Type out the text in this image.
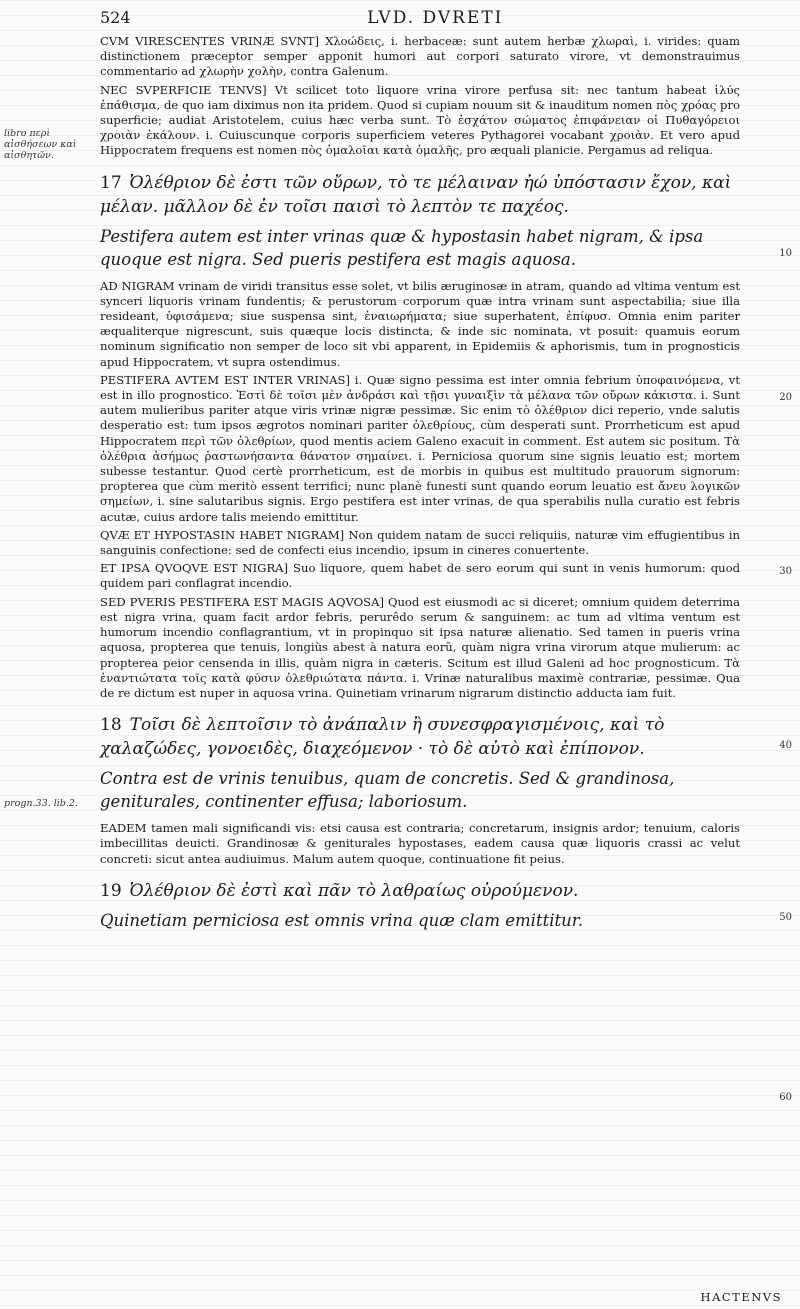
libro περὶ αἰσθήσεων καὶ αἰσθητῶν.
progn.33. lib.2.
10
20
30
40
50
60
524	LVD. DVRETI

CVM VIRESCENTES VRINÆ SVNT] Χλοώδεις, i. herbaceæ: sunt autem herbæ χλωραὶ, i. virides: quam distinctionem præceptor semper apponit humori aut corpori saturato virore, vt demonstrauimus commentario ad χλωρὴν χολὴν, contra Galenum.

NEC SVPERFICIE TENVS] Vt scilicet toto liquore vrina virore perfusa sit: nec tantum habeat ἰλύς ἐπάθισμα, de quo iam diximus non ita pridem. Quod si cupiam nouum sit & inauditum nomen πὸς χρόας pro superficie; audiat Aristotelem, cuius hæc verba sunt. Τὸ ἐσχάτον σώματος ἐπιφάνειαν οἱ Πυθαγόρειοι χροιὰν ἐκάλουν. i. Cuiuscunque corporis superficiem veteres Pythagorei vocabant χροιὰν. Et vero apud Hippocratem frequens est nomen πὸς ὁμαλοῖαι κατὰ ὁμαλῆς, pro æquali planicie. Pergamus ad reliqua.

17 Ὀλέθριον δὲ ἐστι τῶν οὔρων, τὸ τε μέλαιναν ἠώ ὑπόστασιν ἔχον, καὶ μέλαν. μᾶλλον δὲ ἐν τοῖσι παισὶ τὸ λεπτὸν τε παχέος.
Pestifera autem est inter vrinas quæ & hypostasin habet nigram, & ipsa quoque est nigra. Sed pueris pestifera est magis aquosa.

AD NIGRAM vrinam de viridi transitus esse solet, vt bilis æruginosæ in atram, quando ad vltima ventum est synceri liquoris vrinam fundentis; & perustorum corporum quæ intra vrinam sunt aspectabilia; siue illa resideant, ὑφισάμενα; siue suspensa sint, ἐναιωρήματα; siue superhatent, ἐπίφυσ. Omnia enim pariter æqualiterque nigrescunt, suis quæque locis distincta, & inde sic nominata, vt posuit: quamuis eorum nominum significatio non semper de loco sit vbi apparent, in Epidemiis & aphorismis, tum in prognosticis apud Hippocratem, vt supra ostendimus.

PESTIFERA AVTEM EST INTER VRINAS] i. Quæ signo pessima est inter omnia febrium ὑποφαινόμενα, vt est in illo prognostico. Ἐστὶ δὲ τοῖσι μὲν ἀνδράσι καὶ τῇσι γυναιξὶν τὰ μέλανα τῶν οὔρων κάκιστα. i. Sunt autem mulieribus pariter atque viris vrinæ nigræ pessimæ. Sic enim τὸ ὀλέθριον dici reperio, vnde salutis desperatio est: tum ipsos ægrotos nominari pariter ὀλεθρίους, cùm desperati sunt. Prorrheticum est apud Hippocratem περὶ τῶν ὀλεθρίων, quod mentis aciem Galeno exacuit in comment. Est autem sic positum. Τὰ ὀλέθρια ἀσήμως ῥαστωνήσαντα θάνατον σημαίνει. i. Perniciosa quorum sine signis leuatio est; mortem subesse testantur. Quod certè prorrheticum, est de morbis in quibus est multitudo prauorum signorum: propterea que cùm meritò essent terrifici; nunc planè funesti sunt quando eorum leuatio est ἄνευ λογικῶν σημείων, i. sine salutaribus signis. Ergo pestifera est inter vrinas, de qua sperabilis nulla curatio est febris acutæ, cuius ardore talis meiendo emittitur.

QVÆ ET HYPOSTASIN HABET NIGRAM] Non quidem natam de succi reliquiis, naturæ vim effugientibus in sanguinis confectione: sed de confecti eius incendio, ipsum in cineres conuertente.

ET IPSA QVOQVE EST NIGRA] Suo liquore, quem habet de sero eorum qui sunt in venis humorum: quod quidem pari conflagrat incendio.

SED PVERIS PESTIFERA EST MAGIS AQVOSA] Quod est eiusmodi ac si diceret; omnium quidem deterrima est nigra vrina, quam facit ardor febris, perurêdo serum & sanguinem: ac tum ad vltima ventum est humorum incendio conflagrantium, vt in propinquo sit ipsa naturæ alienatio. Sed tamen in pueris vrina aquosa, propterea que tenuis, longiùs abest à natura eorũ, quàm nigra vrina virorum atque mulierum: ac propterea peior censenda in illis, quàm nigra in cæteris. Scitum est illud Galeni ad hoc prognosticum. Τὰ ἐναντιώτατα τοῖς κατὰ φύσιν ὀλεθριώτατα πάντα. i. Vrinæ naturalibus maximè contrariæ, pessimæ. Qua de re dictum est nuper in aquosa vrina. Quinetiam vrinarum nigrarum distinctio adducta iam fuit.

18 Τοῖσι δὲ λεπτοῖσιν τὸ ἀνάπαλιν ἢ συνεσφραγισμένοις, καὶ τὸ χαλαζώδες, γονοειδὲς, διαχεόμενον · τὸ δὲ αὐτὸ καὶ ἐπίπονον.
Contra est de vrinis tenuibus, quam de concretis. Sed & grandinosa, geniturales, continenter effusa; laboriosum.

EADEM tamen mali significandi vis: etsi causa est contraria; concretarum, insignis ardor; tenuium, caloris imbecillitas deuicti. Grandinosæ & geniturales hypostases, eadem causa quæ liquoris crassi ac velut concreti: sicut antea audiuimus. Malum autem quoque, continuatione fit peius.

19 Ὀλέθριον δὲ ἐστὶ καὶ πᾶν τὸ λαθραίως οὐρούμενον.
Quinetiam perniciosa est omnis vrina quæ clam emittitur.
HACTENVS
